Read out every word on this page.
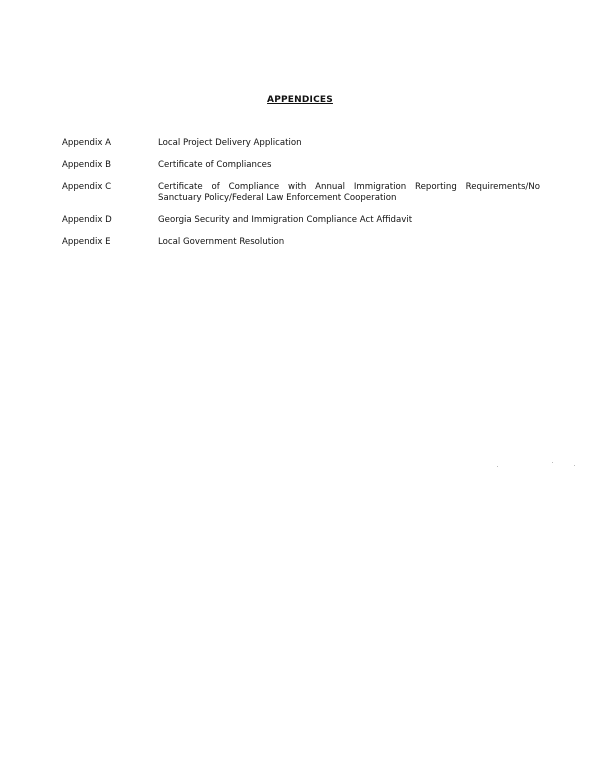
APPENDICES
Appendix A	Local Project Delivery Application
Appendix B	Certificate of Compliances
Appendix C	Certificate of Compliance with Annual Immigration Reporting Requirements/No Sanctuary Policy/Federal Law Enforcement Cooperation
Appendix D	Georgia Security and Immigration Compliance Act Affidavit
Appendix E	Local Government Resolution
